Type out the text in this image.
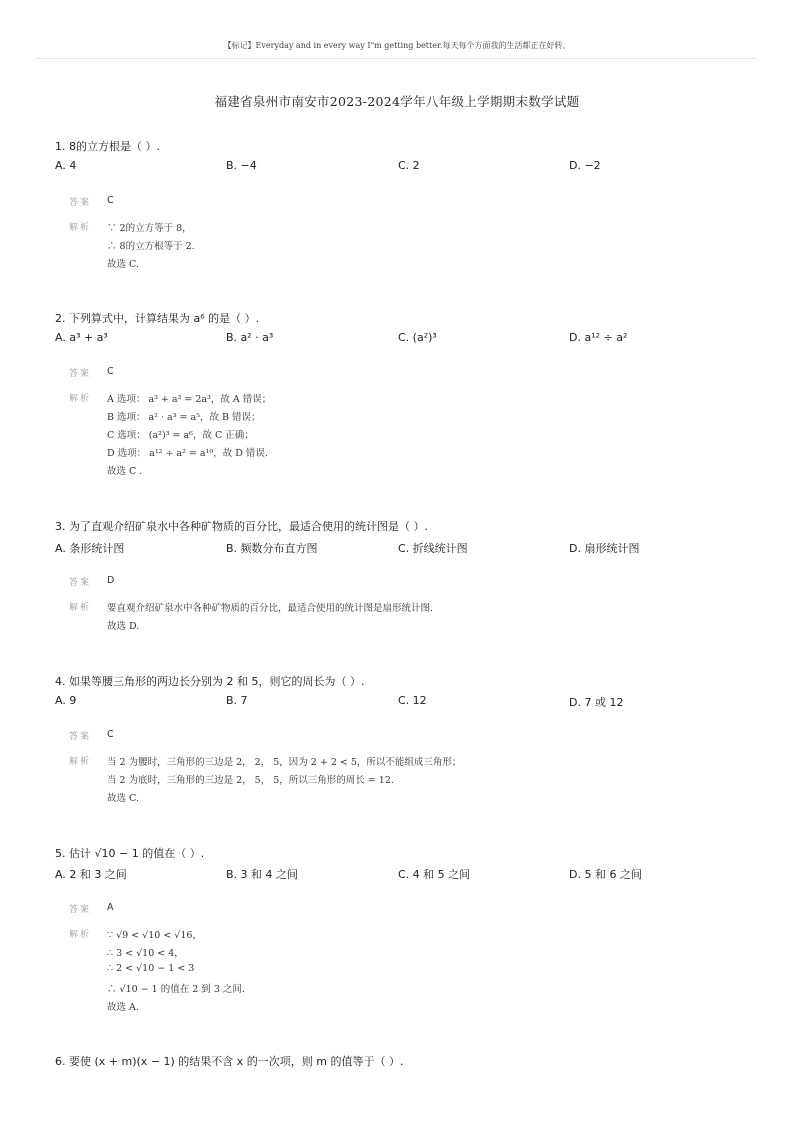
【标记】Everyday and in every way I"m getting better.每天每个方面我的生活都正在好转。
福建省泉州市南安市2023-2024学年八年级上学期期末数学试题
1. 8的立方根是（ ）.
A. 4	B. −4	C. 2	D. −2
答案 C
解析 ∵ 2的立方等于 8，
∴ 8的立方根等于 2.
故选 C.
2. 下列算式中，计算结果为 a⁶ 的是（ ）.
A. a³ + a³	B. a² · a³	C. (a²)³	D. a¹² ÷ a²
答案 C
解析 A 选项： a³ + a³ = 2a³，故 A 错误；
B 选项： a² · a³ = a⁵，故 B 错误；
C 选项： (a²)³ = a⁶，故 C 正确；
D 选项： a¹² ÷ a² = a¹⁰，故 D 错误.
故选 C .
3. 为了直观介绍矿泉水中各种矿物质的百分比，最适合使用的统计图是（ ）.
A. 条形统计图	B. 频数分布直方图	C. 折线统计图	D. 扇形统计图
答案 D
解析 要直观介绍矿泉水中各种矿物质的百分比，最适合使用的统计图是扇形统计图.
故选 D.
4. 如果等腰三角形的两边长分别为 2 和 5，则它的周长为（ ）.
A. 9	B. 7	C. 12	D. 7 或 12
答案 C
解析 当 2 为腰时，三角形的三边是 2， 2， 5，因为 2 + 2 < 5，所以不能组成三角形；
当 2 为底时，三角形的三边是 2， 5， 5，所以三角形的周长 = 12.
故选 C.
5. 估计 √10 − 1 的值在（ ）.
A. 2 和 3 之间	B. 3 和 4 之间	C. 4 和 5 之间	D. 5 和 6 之间
答案 A
解析 ∵ √9 < √10 < √16，
∴ 3 < √10 < 4，
∴ 2 < √10 − 1 < 3
∴ √10 − 1 的值在 2 到 3 之间.
故选 A.
6. 要使 (x + m)(x − 1) 的结果不含 x 的一次项，则 m 的值等于（ ）.
